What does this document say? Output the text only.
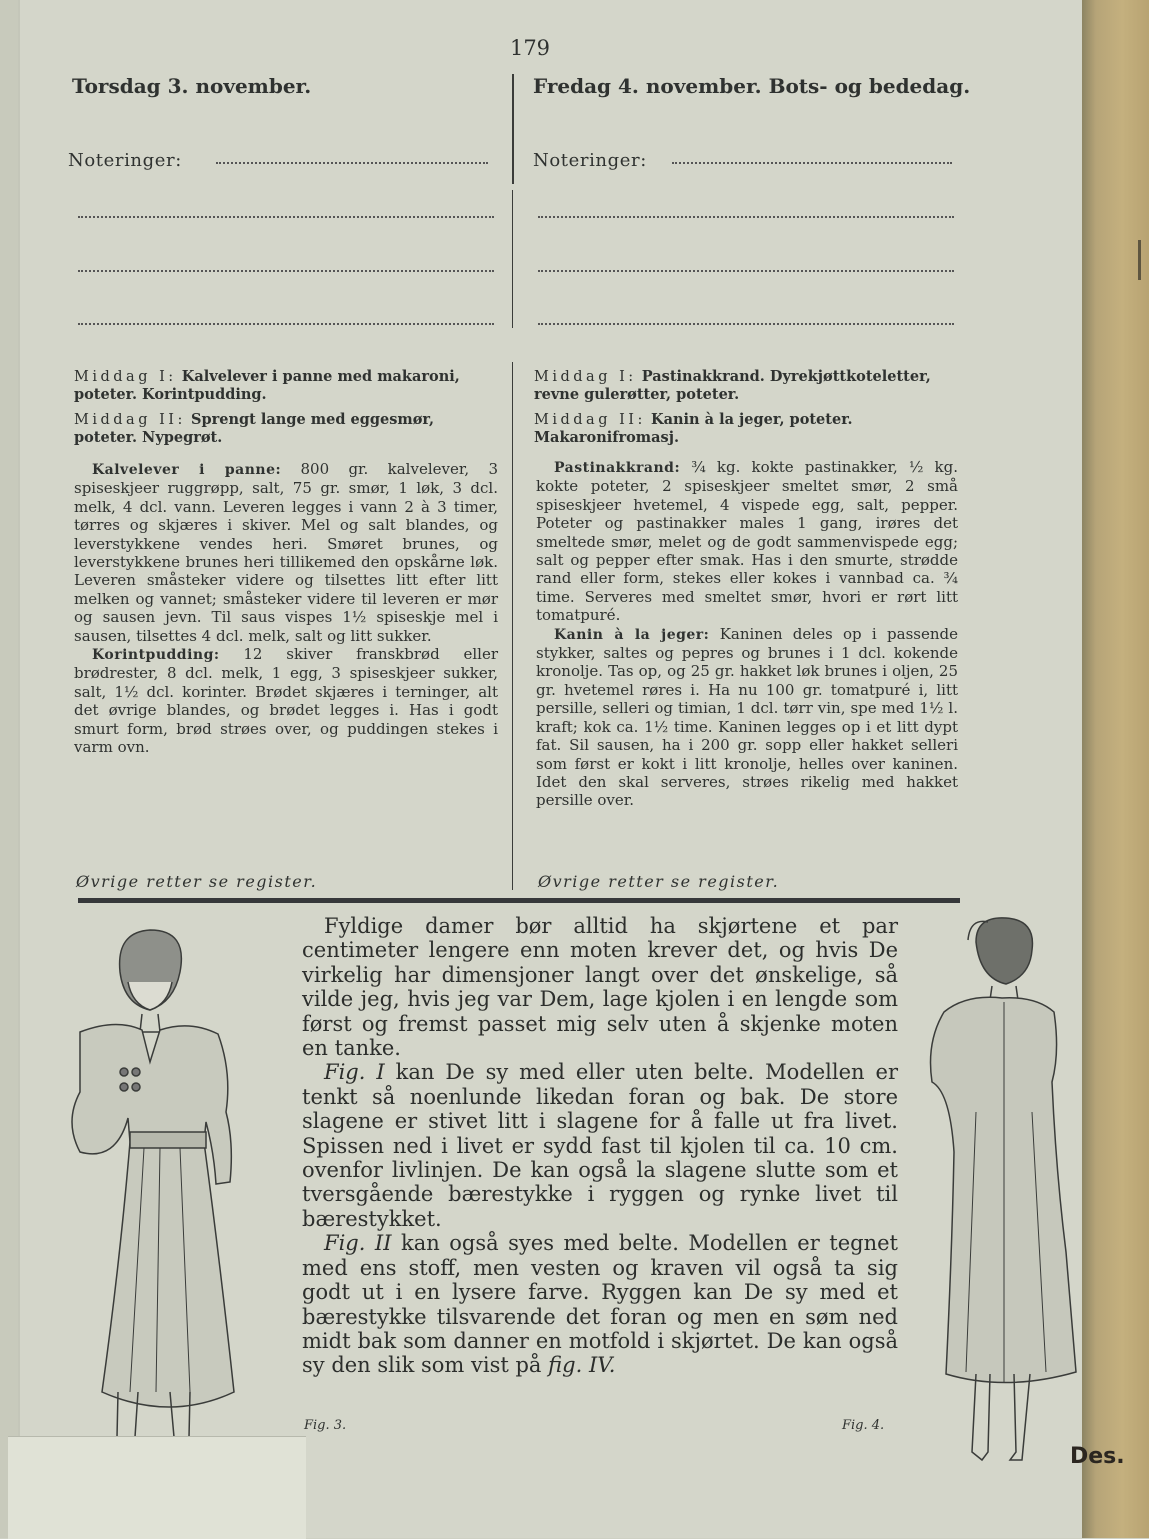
Des.
179
Torsdag 3. november.
Noteringer:
Middag I: Kalvelever i panne med makaroni, poteter. Korintpudding.
Middag II: Sprengt lange med eggesmør, poteter. Nypegrøt.

Kalvelever i panne: 800 gr. kalvelever, 3 spiseskjeer ruggrøpp, salt, 75 gr. smør, 1 løk, 3 dcl. melk, 4 dcl. vann. Leveren legges i vann 2 à 3 timer, tørres og skjæres i skiver. Mel og salt blandes, og leverstykkene vendes heri. Smøret brunes, og leverstykkene brunes heri tillikemed den opskårne løk. Leveren småsteker videre og tilsettes litt efter litt melken og vannet; småsteker videre til leveren er mør og sausen jevn. Til saus vispes 1½ spiseskje mel i sausen, tilsettes 4 dcl. melk, salt og litt sukker.

Korintpudding: 12 skiver franskbrød eller brødrester, 8 dcl. melk, 1 egg, 3 spiseskjeer sukker, salt, 1½ dcl. korinter. Brødet skjæres i terninger, alt det øvrige blandes, og brødet legges i. Has i godt smurt form, brød strøes over, og puddingen stekes i varm ovn.

Øvrige retter se register.
Fredag 4. november. Bots- og bededag.
Noteringer:
Middag I: Pastinakkrand. Dyrekjøttkoteletter, revne gulerøtter, poteter.
Middag II: Kanin à la jeger, poteter. Makaronifromasj.

Pastinakkrand: ¾ kg. kokte pastinakker, ½ kg. kokte poteter, 2 spiseskjeer smeltet smør, 2 små spiseskjeer hvetemel, 4 vispede egg, salt, pepper. Poteter og pastinakker males 1 gang, irøres det smeltede smør, melet og de godt sammenvispede egg; salt og pepper efter smak. Has i den smurte, strødde rand eller form, stekes eller kokes i vannbad ca. ¾ time. Serveres med smeltet smør, hvori er rørt litt tomatpuré.

Kanin à la jeger: Kaninen deles op i passende stykker, saltes og pepres og brunes i 1 dcl. kokende kronolje. Tas op, og 25 gr. hakket løk brunes i oljen, 25 gr. hvetemel røres i. Ha nu 100 gr. tomatpuré i, litt persille, selleri og timian, 1 dcl. tørr vin, spe med 1½ l. kraft; kok ca. 1½ time. Kaninen legges op i et litt dypt fat. Sil sausen, ha i 200 gr. sopp eller hakket selleri som først er kokt i litt kronolje, helles over kaninen. Idet den skal serveres, strøes rikelig med hakket persille over.

Øvrige retter se register.

Fyldige damer bør alltid ha skjørtene et par centimeter lengere enn moten krever det, og hvis De virkelig har dimensjoner langt over det ønskelige, så vilde jeg, hvis jeg var Dem, lage kjolen i en lengde som først og fremst passet mig selv uten å skjenke moten en tanke.

Fig. I kan De sy med eller uten belte. Modellen er tenkt så noenlunde likedan foran og bak. De store slagene er stivet litt i slagene for å falle ut fra livet. Spissen ned i livet er sydd fast til kjolen til ca. 10 cm. ovenfor livlinjen. De kan også la slagene slutte som et tversgående bærestykke i ryggen og rynke livet til bærestykket.

Fig. II kan også syes med belte. Modellen er tegnet med ens stoff, men vesten og kraven vil også ta sig godt ut i en lysere farve. Ryggen kan De sy med et bærestykke tilsvarende det foran og men en søm ned midt bak som danner en motfold i skjørtet. De kan også sy den slik som vist på fig. IV.

Fig. 3.	Fig. 4.
